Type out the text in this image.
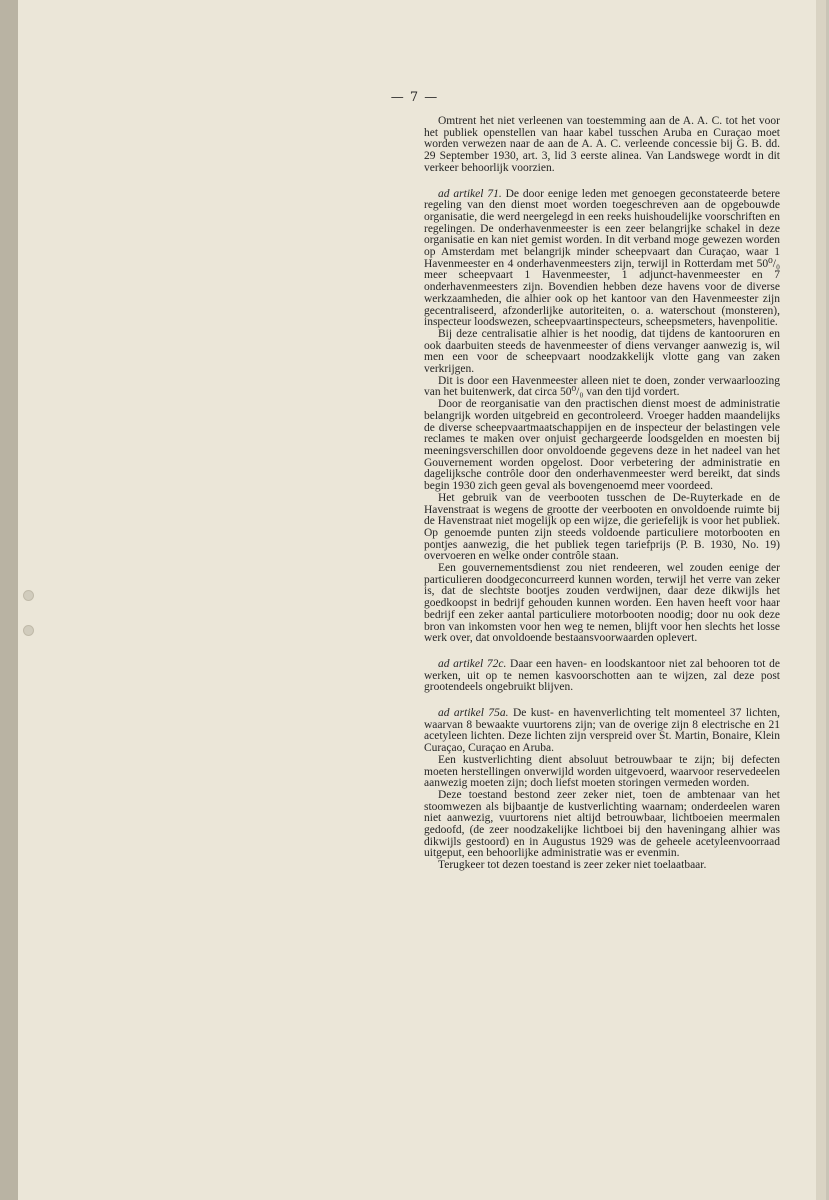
— 7 —

Omtrent het niet verleenen van toestemming aan de A. A. C. tot het voor het publiek openstellen van haar kabel tusschen Aruba en Curaçao moet worden verwezen naar de aan de A. A. C. verleende concessie bij G. B. dd. 29 September 1930, art. 3, lid 3 eerste alinea. Van Landswege wordt in dit verkeer behoorlijk voorzien.

ad artikel 71. De door eenige leden met genoegen geconstateerde betere regeling van den dienst moet worden toegeschreven aan de opgebouwde organisatie, die werd neergelegd in een reeks huishoudelijke voorschriften en regelingen. De onderhavenmeester is een zeer belangrijke schakel in deze organisatie en kan niet gemist worden. In dit verband moge gewezen worden op Amsterdam met belangrijk minder scheepvaart dan Curaçao, waar 1 Havenmeester en 4 onderhavenmeesters zijn, terwijl in Rotterdam met 50⁰/₀ meer scheepvaart 1 Havenmeester, 1 adjunct-havenmeester en 7 onderhavenmeesters zijn. Bovendien hebben deze havens voor de diverse werkzaamheden, die alhier ook op het kantoor van den Havenmeester zijn gecentraliseerd, afzonderlijke autoriteiten, o. a. waterschout (monsteren), inspecteur loodswezen, scheepvaartinspecteurs, scheepsmeters, havenpolitie.

Bij deze centralisatie alhier is het noodig, dat tijdens de kantooruren en ook daarbuiten steeds de havenmeester of diens vervanger aanwezig is, wil men een voor de scheepvaart noodzakkelijk vlotte gang van zaken verkrijgen.

Dit is door een Havenmeester alleen niet te doen, zonder verwaarloozing van het buitenwerk, dat circa 50⁰/₀ van den tijd vordert.

Door de reorganisatie van den practischen dienst moest de administratie belangrijk worden uitgebreid en gecontroleerd. Vroeger hadden maandelijks de diverse scheepvaartmaatschappijen en de inspecteur der belastingen vele reclames te maken over onjuist gechargeerde loodsgelden en moesten bij meeningsverschillen door onvoldoende gegevens deze in het nadeel van het Gouvernement worden opgelost. Door verbetering der administratie en dagelijksche contrôle door den onderhavenmeester werd bereikt, dat sinds begin 1930 zich geen geval als bovengenoemd meer voordeed.

Het gebruik van de veerbooten tusschen de De-Ruyterkade en de Havenstraat is wegens de grootte der veerbooten en onvoldoende ruimte bij de Havenstraat niet mogelijk op een wijze, die geriefelijk is voor het publiek. Op genoemde punten zijn steeds voldoende particuliere motorbooten en pontjes aanwezig, die het publiek tegen tariefprijs (P. B. 1930, No. 19) overvoeren en welke onder contrôle staan.

Een gouvernementsdienst zou niet rendeeren, wel zouden eenige der particulieren doodgeconcurreerd kunnen worden, terwijl het verre van zeker is, dat de slechtste bootjes zouden verdwijnen, daar deze dikwijls het goedkoopst in bedrijf gehouden kunnen worden. Een haven heeft voor haar bedrijf een zeker aantal particuliere motorbooten noodig; door nu ook deze bron van inkomsten voor hen weg te nemen, blijft voor hen slechts het losse werk over, dat onvoldoende bestaansvoorwaarden oplevert.

ad artikel 72c. Daar een haven- en loodskantoor niet zal behooren tot de werken, uit op te nemen kasvoorschotten aan te wijzen, zal deze post grootendeels ongebruikt blijven.

ad artikel 75a. De kust- en havenverlichting telt momenteel 37 lichten, waarvan 8 bewaakte vuurtorens zijn; van de overige zijn 8 electrische en 21 acetyleen lichten. Deze lichten zijn verspreid over St. Martin, Bonaire, Klein Curaçao, Curaçao en Aruba.

Een kustverlichting dient absoluut betrouwbaar te zijn; bij defecten moeten herstellingen onverwijld worden uitgevoerd, waarvoor reservedeelen aanwezig moeten zijn; doch liefst moeten storingen vermeden worden.

Deze toestand bestond zeer zeker niet, toen de ambtenaar van het stoomwezen als bijbaantje de kustverlichting waarnam; onderdeelen waren niet aanwezig, vuurtorens niet altijd betrouwbaar, lichtboeien meermalen gedoofd, (de zeer noodzakelijke lichtboei bij den haveningang alhier was dikwijls gestoord) en in Augustus 1929 was de geheele acetyleenvoorraad uitgeput, een behoorlijke administratie was er evenmin.

Terugkeer tot dezen toestand is zeer zeker niet toelaatbaar.
